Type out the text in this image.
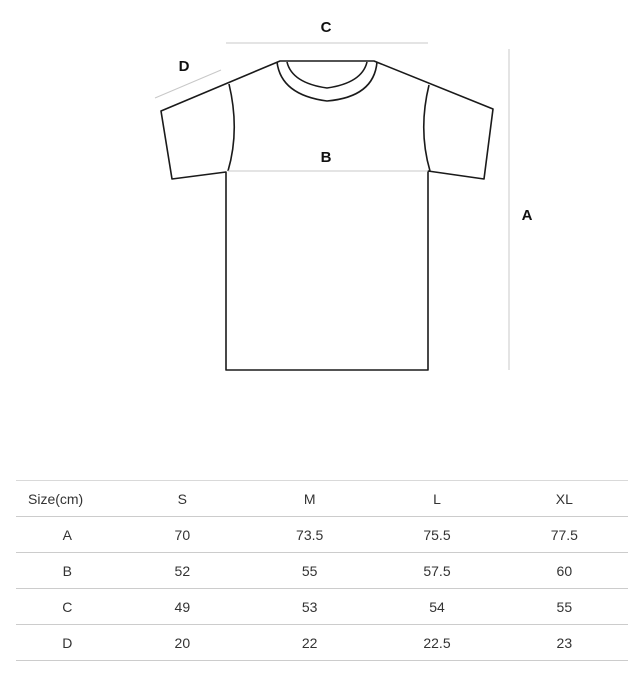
C
D
B
A
Size(cm)	S	M	L	XL
A	70	73.5	75.5	77.5
B	52	55	57.5	60
C	49	53	54	55
D	20	22	22.5	23
